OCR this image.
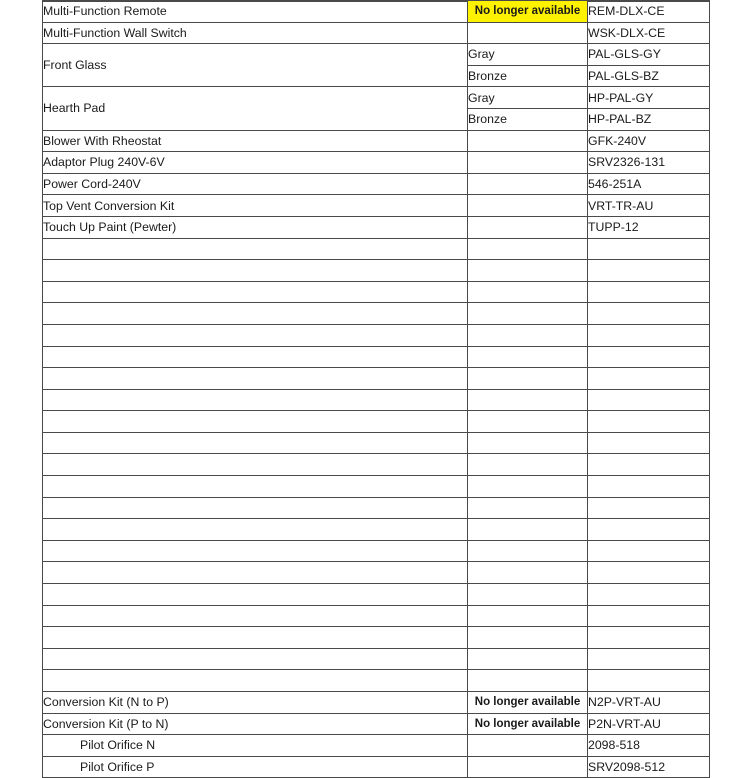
Multi-Function Remote	No longer available	REM-DLX-CE
Multi-Function Wall Switch		WSK-DLX-CE
Front Glass	Gray	PAL-GLS-GY
	Bronze	PAL-GLS-BZ
Hearth Pad	Gray	HP-PAL-GY
	Bronze	HP-PAL-BZ
Blower With Rheostat		GFK-240V
Adaptor Plug 240V-6V		SRV2326-131
Power Cord-240V		546-251A
Top Vent Conversion Kit		VRT-TR-AU
Touch Up Paint (Pewter)		TUPP-12

Conversion Kit (N to P)	No longer available	N2P-VRT-AU
Conversion Kit (P to N)	No longer available	P2N-VRT-AU
Pilot Orifice N		2098-518
Pilot Orifice P		SRV2098-512
